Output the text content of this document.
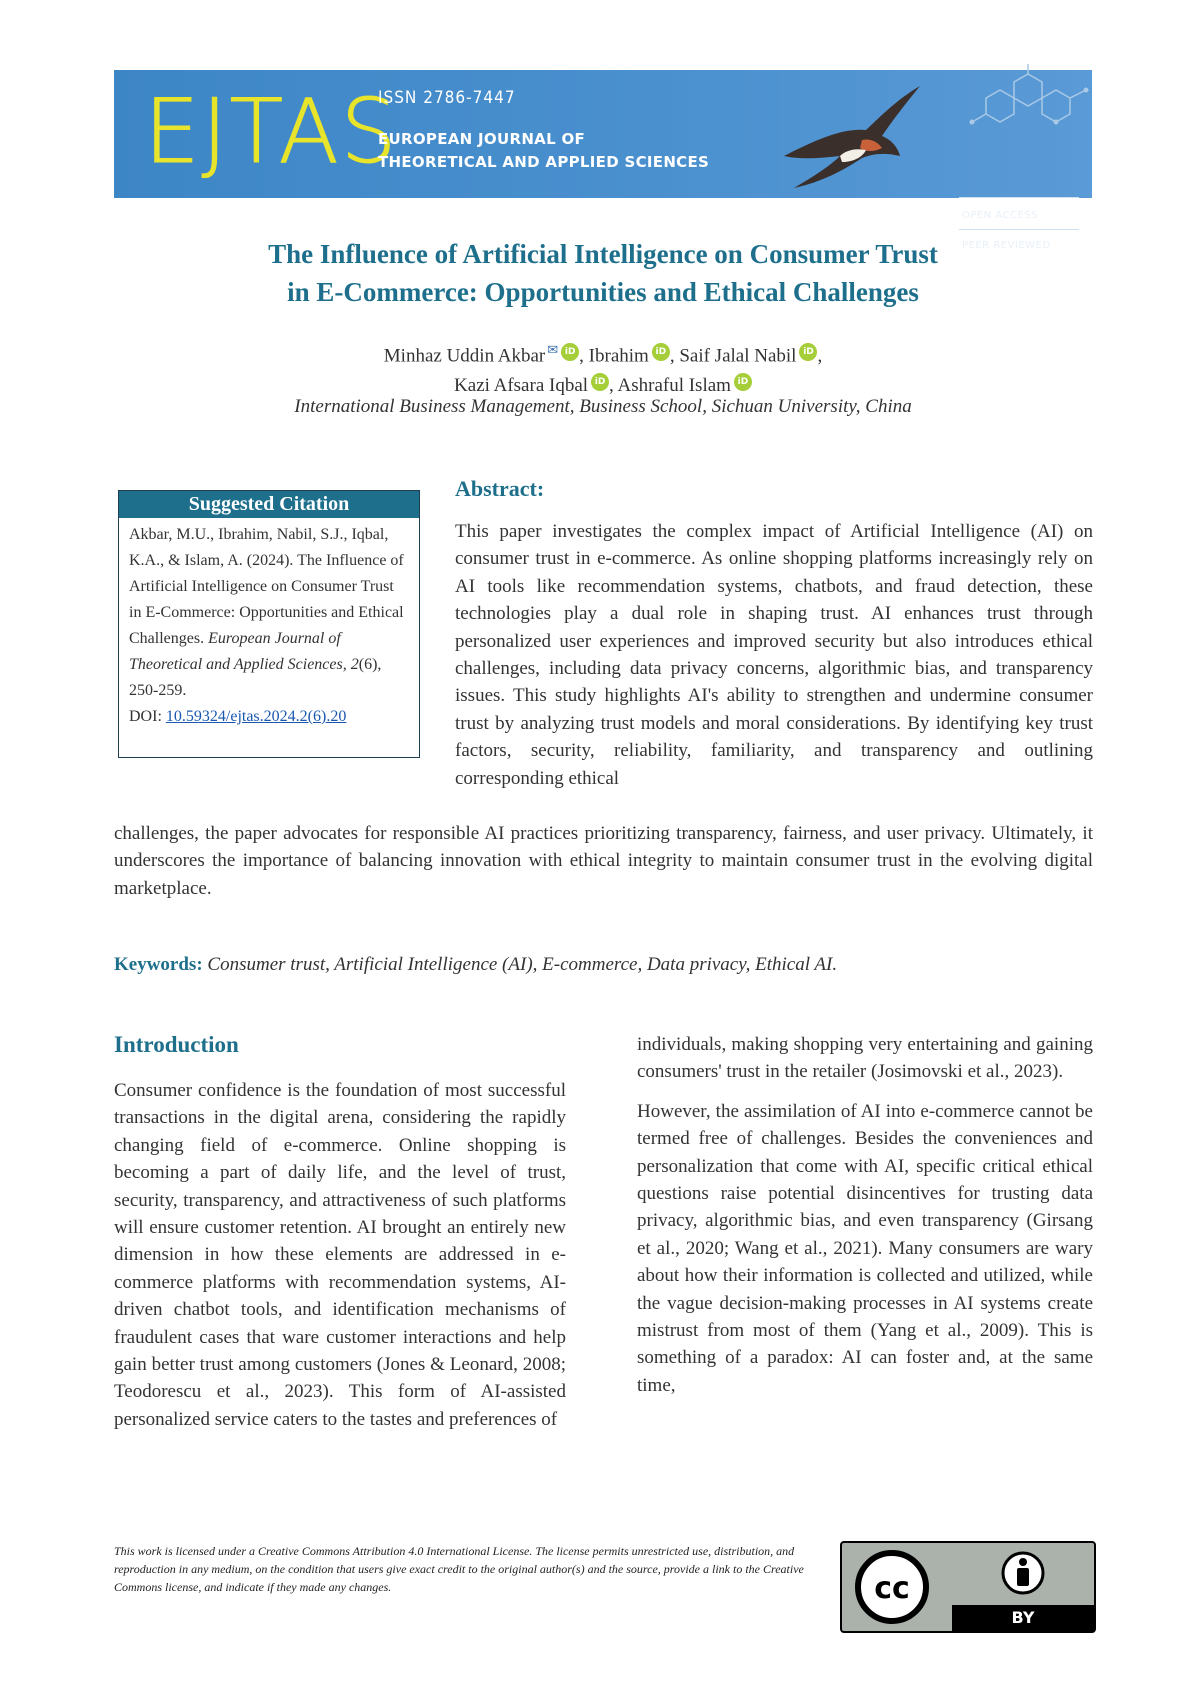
EJTAS
ISSN 2786-7447
EUROPEAN JOURNAL OF
THEORETICAL AND APPLIED SCIENCES
OPEN ACCESS
PEER REVIEWED
The Influence of Artificial Intelligence on Consumer Trust
in E-Commerce: Opportunities and Ethical Challenges
Minhaz Uddin Akbar ✉ iD , Ibrahim iD , Saif Jalal Nabil iD ,
Kazi Afsara Iqbal iD , Ashraful Islam iD
International Business Management, Business School, Sichuan University, China
Suggested Citation
Akbar, M.U., Ibrahim, Nabil, S.J., Iqbal, K.A., & Islam, A. (2024). The Influence of Artificial Intelligence on Consumer Trust in E-Commerce: Opportunities and Ethical Challenges. European Journal of Theoretical and Applied Sciences, 2(6), 250-259.
DOI: 10.59324/ejtas.2024.2(6).20
Abstract:
This paper investigates the complex impact of Artificial Intelligence (AI) on consumer trust in e-commerce. As online shopping platforms increasingly rely on AI tools like recommendation systems, chatbots, and fraud detection, these technologies play a dual role in shaping trust. AI enhances trust through personalized user experiences and improved security but also introduces ethical challenges, including data privacy concerns, algorithmic bias, and transparency issues. This study highlights AI's ability to strengthen and undermine consumer trust by analyzing trust models and moral considerations. By identifying key trust factors, security, reliability, familiarity, and transparency and outlining corresponding ethical
challenges, the paper advocates for responsible AI practices prioritizing transparency, fairness, and user privacy. Ultimately, it underscores the importance of balancing innovation with ethical integrity to maintain consumer trust in the evolving digital marketplace.
Keywords: Consumer trust, Artificial Intelligence (AI), E-commerce, Data privacy, Ethical AI.
Introduction
Consumer confidence is the foundation of most successful transactions in the digital arena, considering the rapidly changing field of e-commerce. Online shopping is becoming a part of daily life, and the level of trust, security, transparency, and attractiveness of such platforms will ensure customer retention. AI brought an entirely new dimension in how these elements are addressed in e-commerce platforms with recommendation systems, AI-driven chatbot tools, and identification mechanisms of fraudulent cases that ware customer interactions and help gain better trust among customers (Jones & Leonard, 2008; Teodorescu et al., 2023). This form of AI-assisted personalized service caters to the tastes and preferences of

individuals, making shopping very entertaining and gaining consumers' trust in the retailer (Josimovski et al., 2023).

However, the assimilation of AI into e-commerce cannot be termed free of challenges. Besides the conveniences and personalization that come with AI, specific critical ethical questions raise potential disincentives for trusting data privacy, algorithmic bias, and even transparency (Girsang et al., 2020; Wang et al., 2021). Many consumers are wary about how their information is collected and utilized, while the vague decision-making processes in AI systems create mistrust from most of them (Yang et al., 2009). This is something of a paradox: AI can foster and, at the same time,

This work is licensed under a Creative Commons Attribution 4.0 International License. The license permits unrestricted use, distribution, and reproduction in any medium, on the condition that users give exact credit to the original author(s) and the source, provide a link to the Creative Commons license, and indicate if they made any changes.	cc
BY
